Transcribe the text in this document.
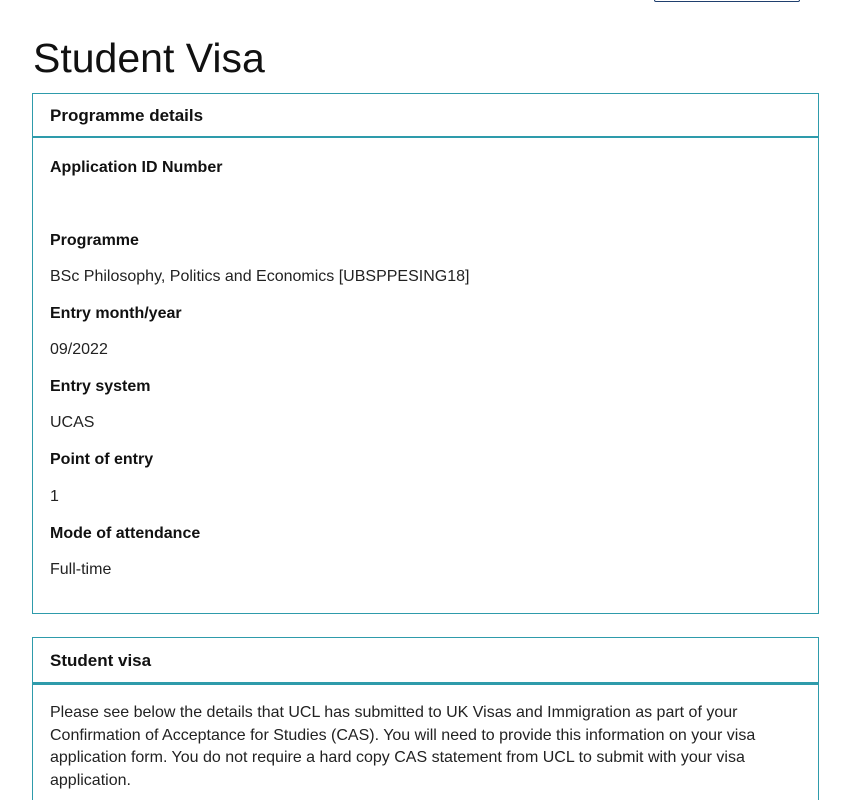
Student Visa
Programme details
Application ID Number
Programme
BSc Philosophy, Politics and Economics [UBSPPESING18]
Entry month/year
09/2022
Entry system
UCAS
Point of entry
1
Mode of attendance
Full-time
Student visa

Please see below the details that UCL has submitted to UK Visas and Immigration as part of your Confirmation of Acceptance for Studies (CAS). You will need to provide this information on your visa application form. You do not require a hard copy CAS statement from UCL to submit with your visa application.
